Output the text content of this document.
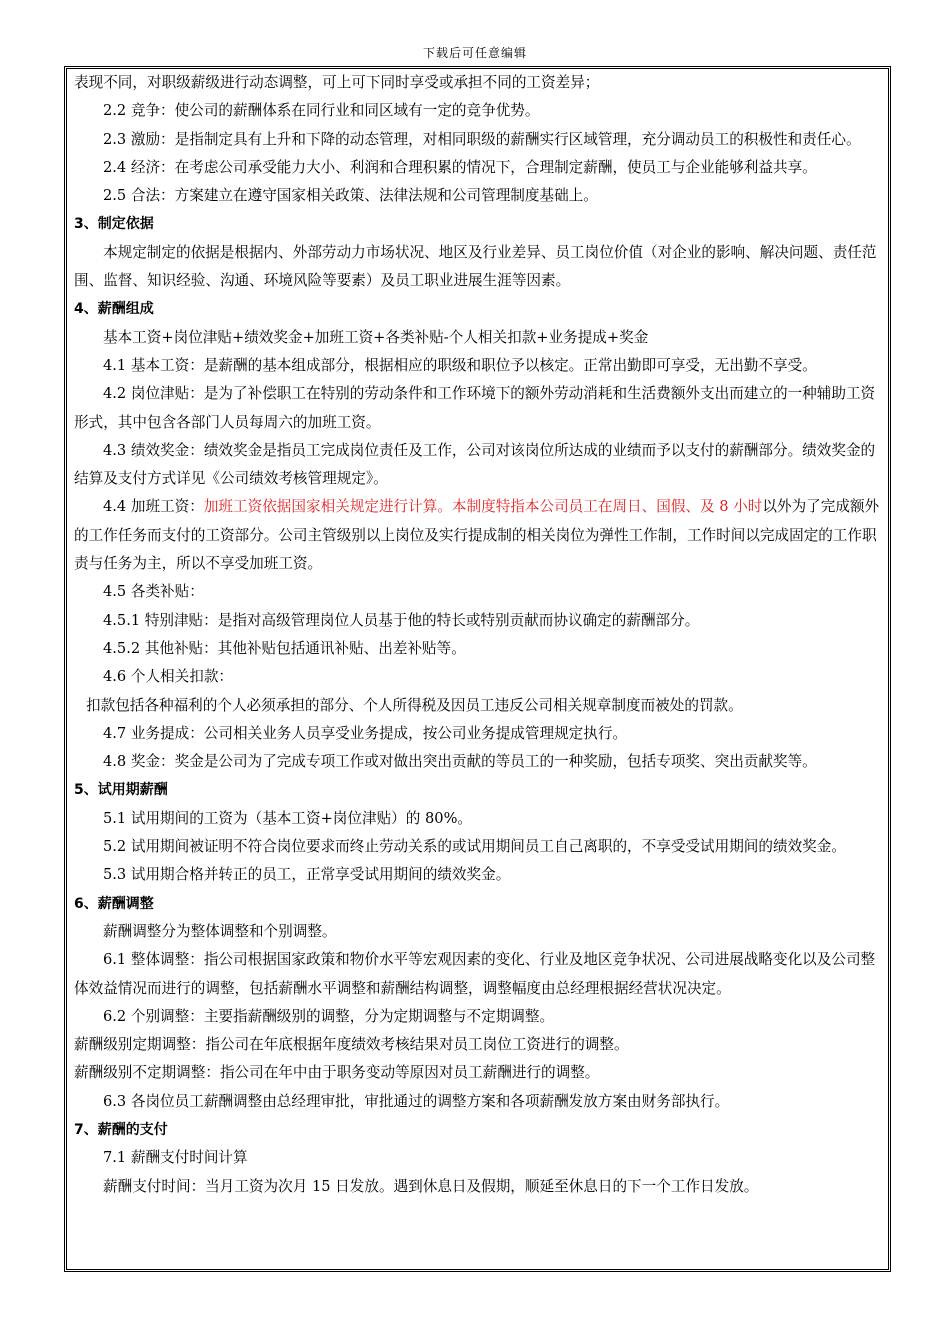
下载后可任意编辑

表现不同，对职级薪级进行动态调整，可上可下同时享受或承担不同的工资差异；

2.2 竞争：使公司的薪酬体系在同行业和同区域有一定的竞争优势。

2.3 激励：是指制定具有上升和下降的动态管理，对相同职级的薪酬实行区域管理，充分调动员工的积极性和责任心。

2.4 经济：在考虑公司承受能力大小、利润和合理积累的情况下，合理制定薪酬，使员工与企业能够利益共享。

2.5 合法：方案建立在遵守国家相关政策、法律法规和公司管理制度基础上。

3、制定依据

本规定制定的依据是根据内、外部劳动力市场状况、地区及行业差异、员工岗位价值（对企业的影响、解决问题、责任范围、监督、知识经验、沟通、环境风险等要素）及员工职业进展生涯等因素。

4、薪酬组成

基本工资+岗位津贴+绩效奖金+加班工资+各类补贴-个人相关扣款+业务提成+奖金

4.1 基本工资：是薪酬的基本组成部分，根据相应的职级和职位予以核定。正常出勤即可享受，无出勤不享受。

4.2 岗位津贴：是为了补偿职工在特别的劳动条件和工作环境下的额外劳动消耗和生活费额外支出而建立的一种辅助工资形式，其中包含各部门人员每周六的加班工资。

4.3 绩效奖金：绩效奖金是指员工完成岗位责任及工作，公司对该岗位所达成的业绩而予以支付的薪酬部分。绩效奖金的结算及支付方式详见《公司绩效考核管理规定》。

4.4 加班工资：加班工资依据国家相关规定进行计算。本制度特指本公司员工在周日、国假、及 8 小时以外为了完成额外的工作任务而支付的工资部分。公司主管级别以上岗位及实行提成制的相关岗位为弹性工作制，工作时间以完成固定的工作职责与任务为主，所以不享受加班工资。

4.5 各类补贴：

4.5.1 特别津贴：是指对高级管理岗位人员基于他的特长或特别贡献而协议确定的薪酬部分。

4.5.2 其他补贴：其他补贴包括通讯补贴、出差补贴等。

4.6 个人相关扣款：

扣款包括各种福利的个人必须承担的部分、个人所得税及因员工违反公司相关规章制度而被处的罚款。

4.7 业务提成：公司相关业务人员享受业务提成，按公司业务提成管理规定执行。

4.8 奖金：奖金是公司为了完成专项工作或对做出突出贡献的等员工的一种奖励，包括专项奖、突出贡献奖等。

5、试用期薪酬

5.1 试用期间的工资为（基本工资+岗位津贴）的 80%。

5.2 试用期间被证明不符合岗位要求而终止劳动关系的或试用期间员工自己离职的，不享受受试用期间的绩效奖金。

5.3 试用期合格并转正的员工，正常享受试用期间的绩效奖金。

6、薪酬调整

薪酬调整分为整体调整和个别调整。

6.1 整体调整：指公司根据国家政策和物价水平等宏观因素的变化、行业及地区竞争状况、公司进展战略变化以及公司整体效益情况而进行的调整，包括薪酬水平调整和薪酬结构调整，调整幅度由总经理根据经营状况决定。

6.2 个别调整：主要指薪酬级别的调整，分为定期调整与不定期调整。

薪酬级别定期调整：指公司在年底根据年度绩效考核结果对员工岗位工资进行的调整。

薪酬级别不定期调整：指公司在年中由于职务变动等原因对员工薪酬进行的调整。

6.3 各岗位员工薪酬调整由总经理审批，审批通过的调整方案和各项薪酬发放方案由财务部执行。

7、薪酬的支付

7.1 薪酬支付时间计算

薪酬支付时间：当月工资为次月 15 日发放。遇到休息日及假期，顺延至休息日的下一个工作日发放。
